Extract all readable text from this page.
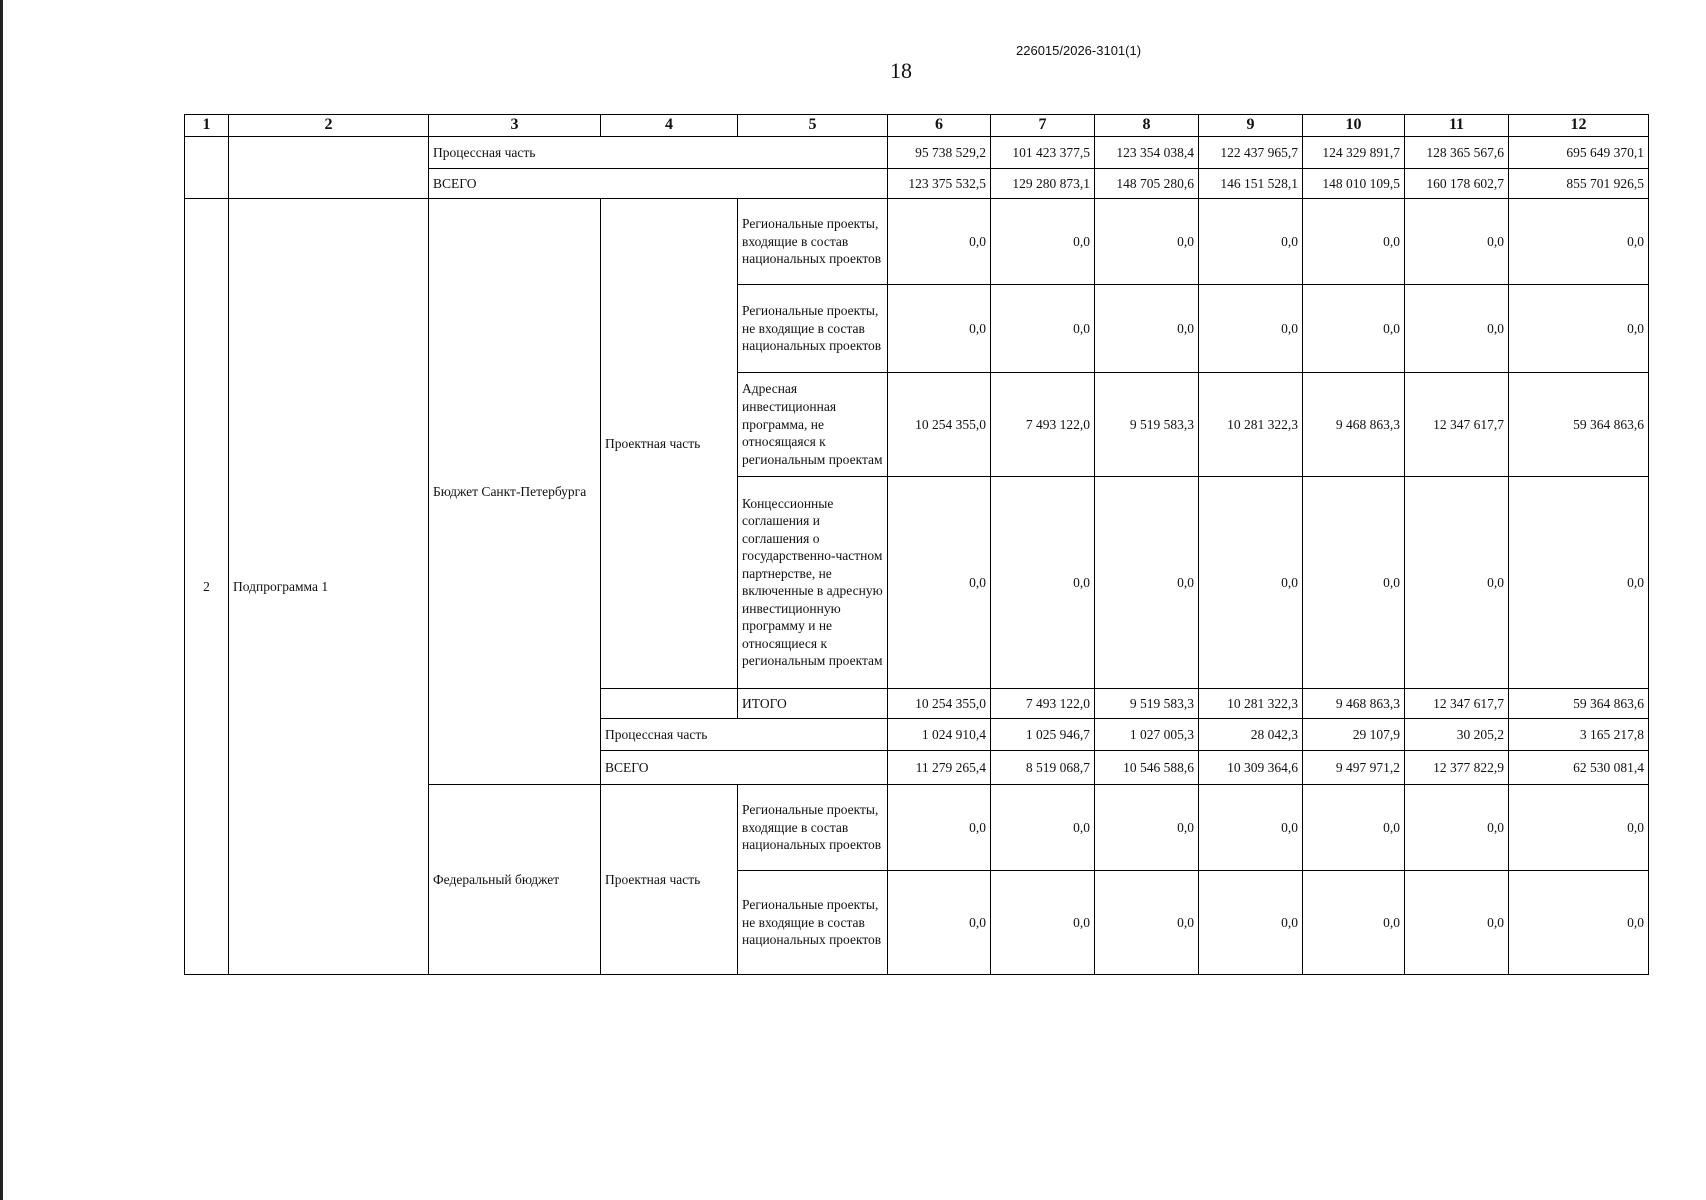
226015/2026-3101(1)
18
1	2	3	4	5	6	7	8	9	10	11	12
		Процессная часть			95 738 529,2	101 423 377,5	123 354 038,4	122 437 965,7	124 329 891,7	128 365 567,6	695 649 370,1
		ВСЕГО			123 375 532,5	129 280 873,1	148 705 280,6	146 151 528,1	148 010 109,5	160 178 602,7	855 701 926,5
2	Подпрограмма 1	Бюджет Санкт-Петербурга	Проектная часть	Региональные проекты, входящие в состав национальных проектов	0,0	0,0	0,0	0,0	0,0	0,0	0,0
				Региональные проекты, не входящие в состав национальных проектов	0,0	0,0	0,0	0,0	0,0	0,0	0,0
				Адресная инвестиционная программа, не относящаяся к региональным проектам	10 254 355,0	7 493 122,0	9 519 583,3	10 281 322,3	9 468 863,3	12 347 617,7	59 364 863,6
				Концессионные соглашения и соглашения о государственно-частном партнерстве, не включенные в адресную инвестиционную программу и не относящиеся к региональным проектам	0,0	0,0	0,0	0,0	0,0	0,0	0,0
				ИТОГО	10 254 355,0	7 493 122,0	9 519 583,3	10 281 322,3	9 468 863,3	12 347 617,7	59 364 863,6
			Процессная часть		1 024 910,4	1 025 946,7	1 027 005,3	28 042,3	29 107,9	30 205,2	3 165 217,8
			ВСЕГО		11 279 265,4	8 519 068,7	10 546 588,6	10 309 364,6	9 497 971,2	12 377 822,9	62 530 081,4
		Федеральный бюджет	Проектная часть	Региональные проекты, входящие в состав национальных проектов	0,0	0,0	0,0	0,0	0,0	0,0	0,0
				Региональные проекты, не входящие в состав национальных проектов	0,0	0,0	0,0	0,0	0,0	0,0	0,0
